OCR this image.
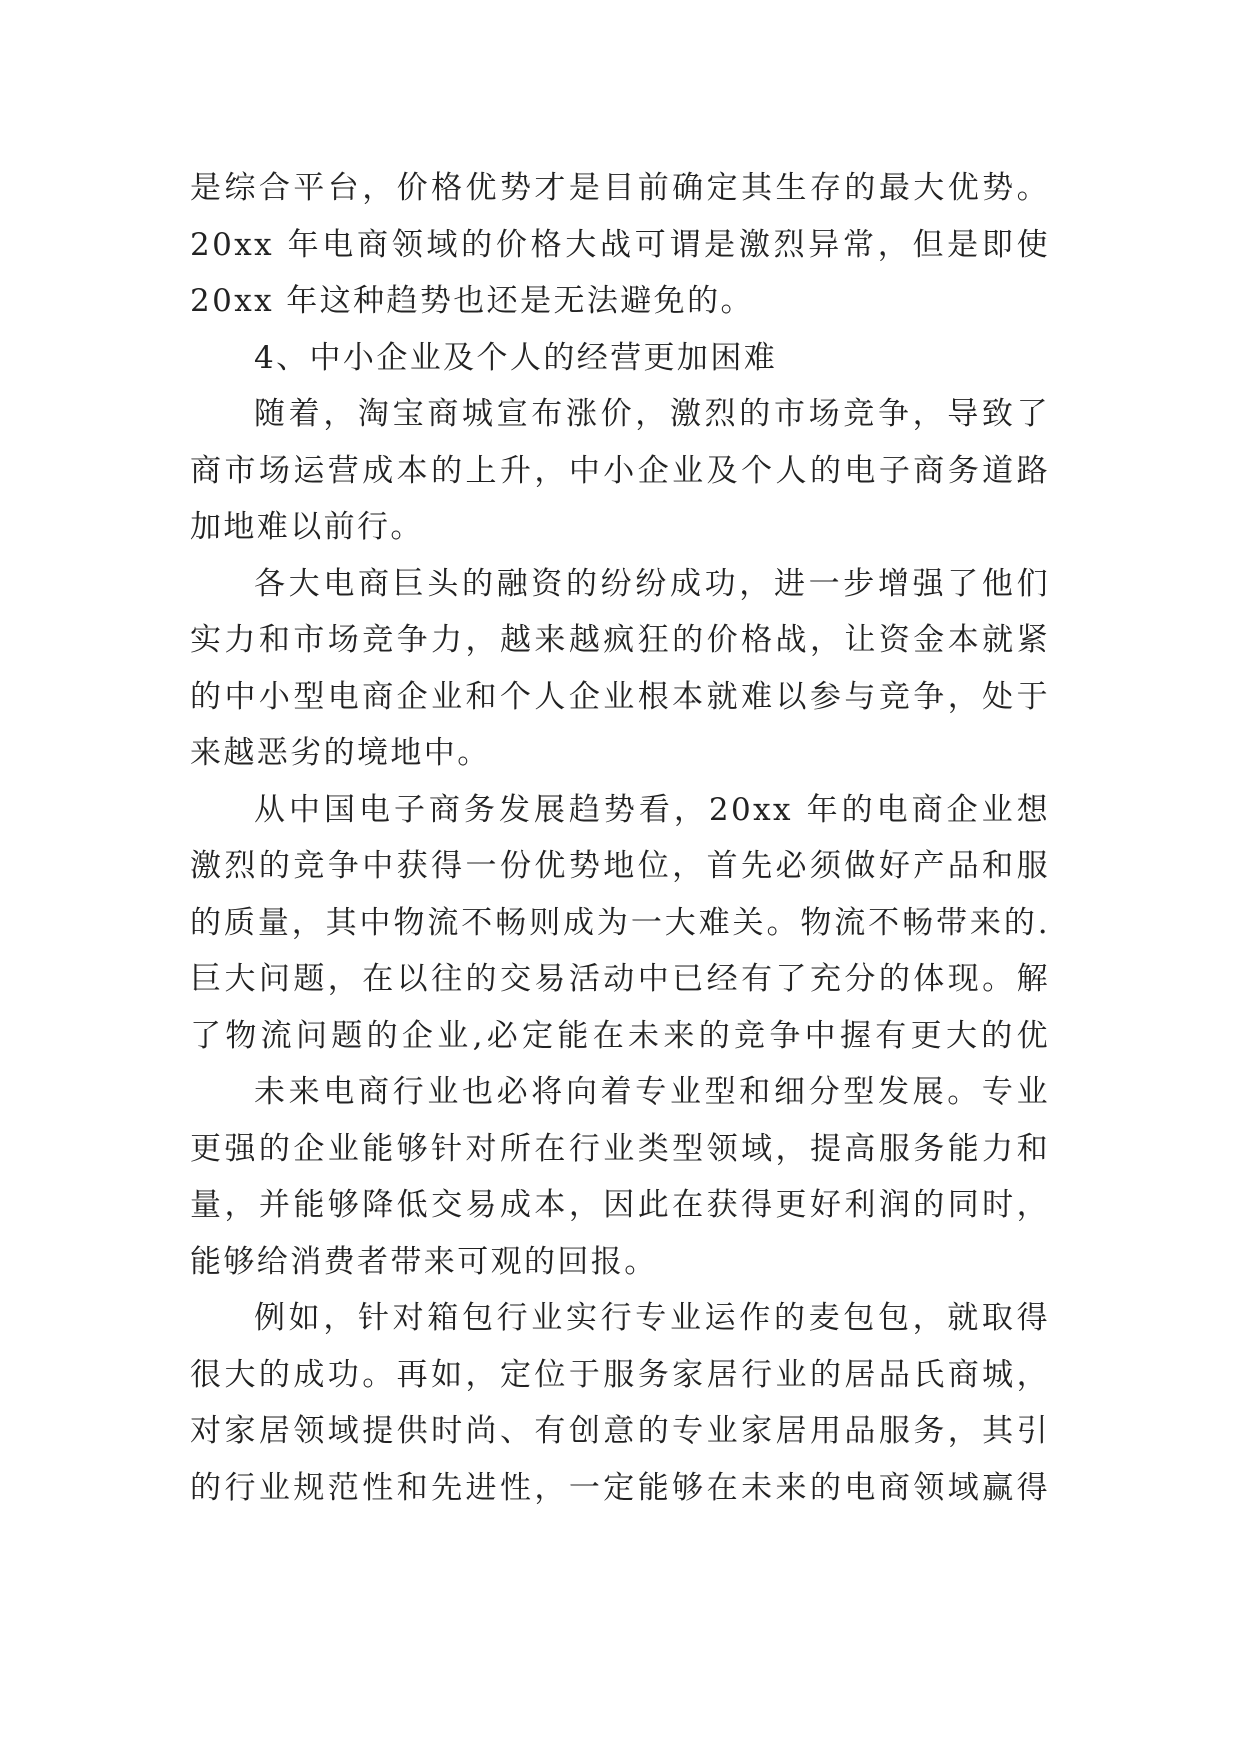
是综合平台，价格优势才是目前确定其生存的最大优势。
20xx 年电商领域的价格大战可谓是激烈异常，但是即使
20xx 年这种趋势也还是无法避免的。
4、中小企业及个人的经营更加困难
随着，淘宝商城宣布涨价，激烈的市场竞争，导致了
商市场运营成本的上升，中小企业及个人的电子商务道路
加地难以前行。
各大电商巨头的融资的纷纷成功，进一步增强了他们
实力和市场竞争力，越来越疯狂的价格战，让资金本就紧
的中小型电商企业和个人企业根本就难以参与竞争，处于
来越恶劣的境地中。
从中国电子商务发展趋势看，20xx 年的电商企业想
激烈的竞争中获得一份优势地位，首先必须做好产品和服
的质量，其中物流不畅则成为一大难关。物流不畅带来的.
巨大问题，在以往的交易活动中已经有了充分的体现。解
了物流问题的企业,必定能在未来的竞争中握有更大的优
未来电商行业也必将向着专业型和细分型发展。专业
更强的企业能够针对所在行业类型领域，提高服务能力和
量，并能够降低交易成本，因此在获得更好利润的同时，
能够给消费者带来可观的回报。
例如，针对箱包行业实行专业运作的麦包包，就取得
很大的成功。再如，定位于服务家居行业的居品氏商城，
对家居领域提供时尚、有创意的专业家居用品服务，其引
的行业规范性和先进性，一定能够在未来的电商领域赢得
